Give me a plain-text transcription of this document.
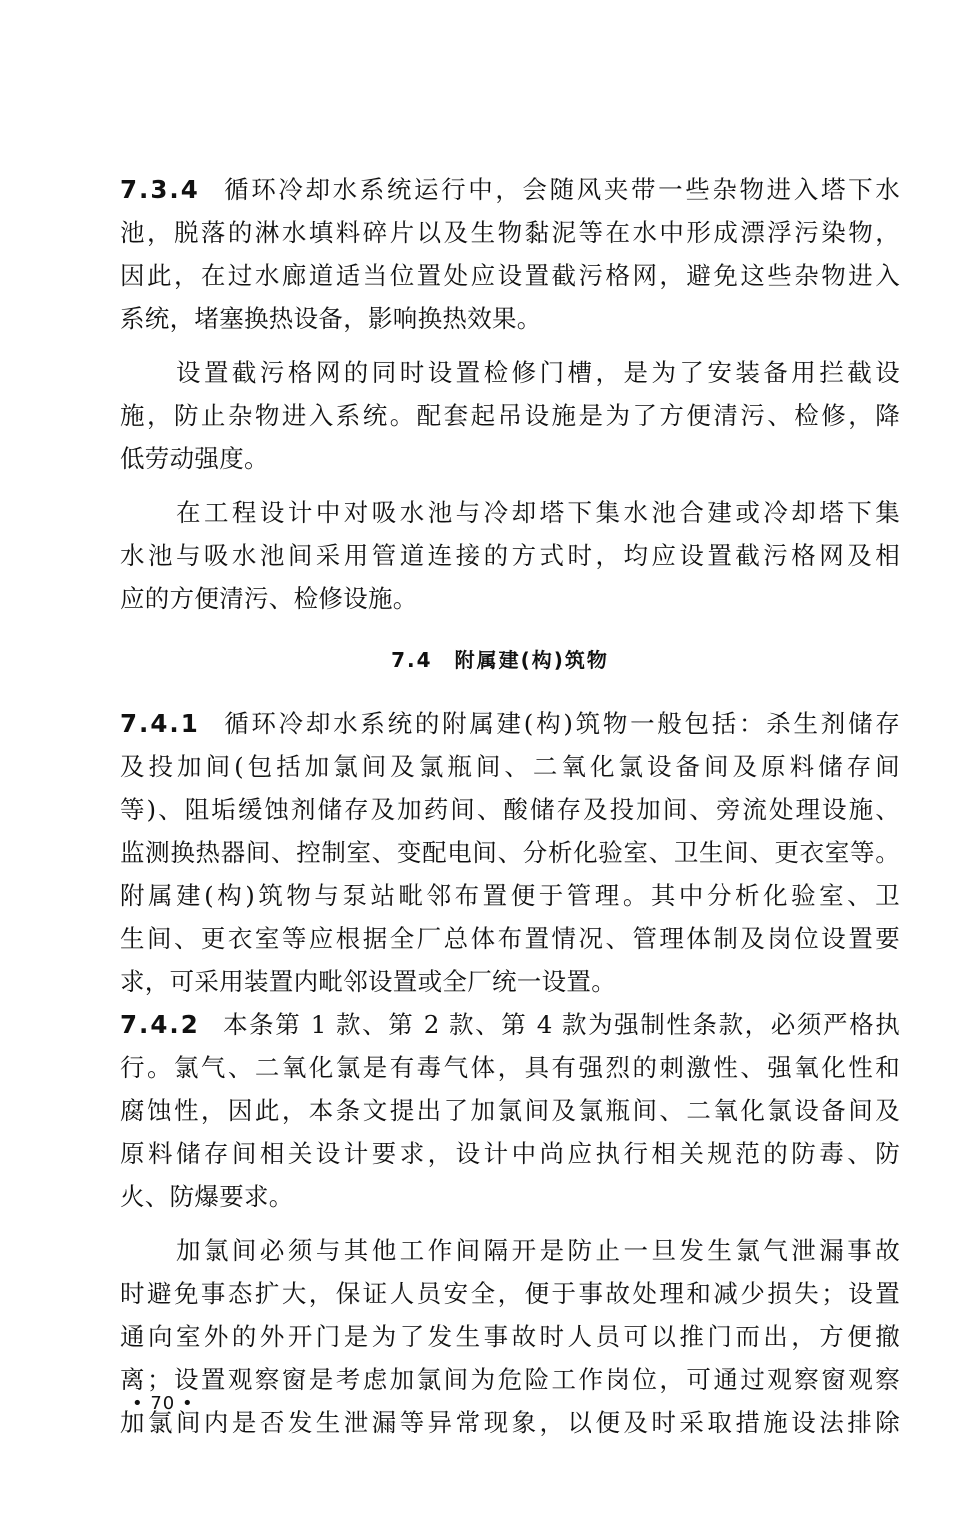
7.3.4 循环冷却水系统运行中，会随风夹带一些杂物进入塔下水
池，脱落的淋水填料碎片以及生物黏泥等在水中形成漂浮污染物，
因此，在过水廊道适当位置处应设置截污格网，避免这些杂物进入
系统，堵塞换热设备，影响换热效果。
设置截污格网的同时设置检修门槽，是为了安装备用拦截设
施，防止杂物进入系统。配套起吊设施是为了方便清污、检修，降
低劳动强度。
在工程设计中对吸水池与冷却塔下集水池合建或冷却塔下集
水池与吸水池间采用管道连接的方式时，均应设置截污格网及相
应的方便清污、检修设施。
7.4 附属建(构)筑物
7.4.1 循环冷却水系统的附属建(构)筑物一般包括：杀生剂储存
及投加间(包括加氯间及氯瓶间、二氧化氯设备间及原料储存间
等)、阻垢缓蚀剂储存及加药间、酸储存及投加间、旁流处理设施、
监测换热器间、控制室、变配电间、分析化验室、卫生间、更衣室等。
附属建(构)筑物与泵站毗邻布置便于管理。其中分析化验室、卫
生间、更衣室等应根据全厂总体布置情况、管理体制及岗位设置要
求，可采用装置内毗邻设置或全厂统一设置。
7.4.2 本条第 1 款、第 2 款、第 4 款为强制性条款，必须严格执
行。氯气、二氧化氯是有毒气体，具有强烈的刺激性、强氧化性和
腐蚀性，因此，本条文提出了加氯间及氯瓶间、二氧化氯设备间及
原料储存间相关设计要求，设计中尚应执行相关规范的防毒、防
火、防爆要求。
加氯间必须与其他工作间隔开是防止一旦发生氯气泄漏事故
时避免事态扩大，保证人员安全，便于事故处理和减少损失；设置
通向室外的外开门是为了发生事故时人员可以推门而出，方便撤
离；设置观察窗是考虑加氯间为危险工作岗位，可通过观察窗观察
加氯间内是否发生泄漏等异常现象，以便及时采取措施设法排除
• 70 •
